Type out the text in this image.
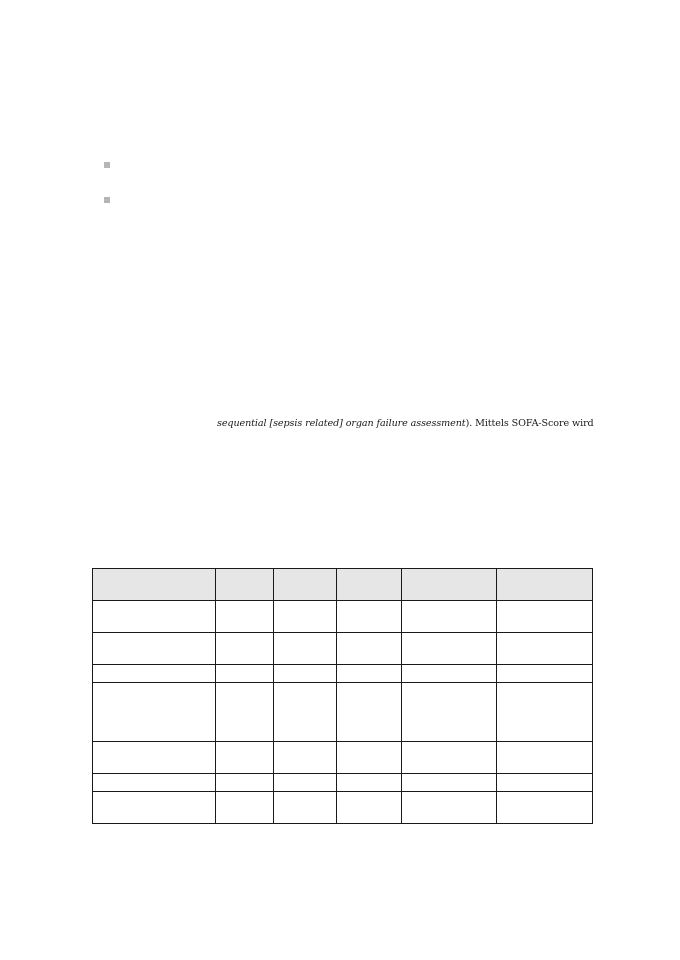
sequential [sepsis related] organ failure assessment). Mittels SOFA-Score wird
